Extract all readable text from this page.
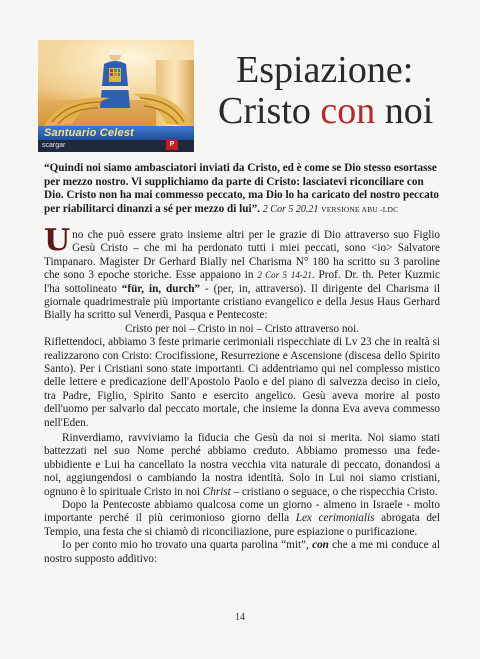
Santuario Celest
scargar	P
Espiazione:
Cristo con noi
“Quindi noi siamo ambasciatori inviati da Cristo, ed è come se Dio stesso esortasse per mezzo nostro. Vi supplichiamo da parte di Cristo: lasciatevi riconciliare con Dio. Cristo non ha mai commesso peccato, ma Dio lo ha caricato del nostro peccato per riabilitarci dinanzi a sé per mezzo di lui”. 2 Cor 5 20.21 VERSIONE ABU -LDC
U no che può essere grato insieme altri per le grazie di Dio attraverso suo Figlio Gesù Cristo – che mi ha perdonato tutti i miei peccati, sono <io> Salvatore Timpanaro. Magister Dr Gerhard Bially nel Charisma N° 180 ha scritto su 3 paroline che sono 3 epoche storiche. Esse appaiono in 2 Cor 5 14-21. Prof. Dr. th. Peter Kuzmic l'ha sottolineato “für, in, durch” - (per, in, attraverso). Il dirigente del Charisma il giornale quadrimestrale più importante cristiano evangelico e della Jesus Haus Gerhard Bially ha scritto sul Venerdì, Pasqua e Pentecoste:
Cristo per noi – Cristo in noi – Cristo attraverso noi.
Riflettendoci, abbiamo 3 feste primarie cerimoniali rispecchiate di Lv 23 che in realtà si realizzarono con Cristo: Crocifissione, Resurrezione e Ascensione (discesa dello Spirito Santo). Per i Cristiani sono state importanti. Ci addentriamo qui nel complesso mistico delle lettere e predicazione dell'Apostolo Paolo e del piano di salvezza deciso in cielo, tra Padre, Figlio, Spirito Santo e esercito angelico. Gesù aveva morire al posto dell'uomo per salvarlo dal peccato mortale, che insieme la donna Eva aveva commesso nell'Eden.

Rinverdiamo, ravviviamo la fiducia che Gesù da noi si merita. Noi siamo stati battezzati nel suo Nome perché abbiamo creduto. Abbiamo promesso una fede-ubbidiente e Lui ha cancellato la nostra vecchia vita naturale di peccato, donandosi a noi, aggiungendosi o cambiando la nostra identità. Solo in Lui noi siamo cristiani, ognuno è lo spirituale Cristo in noi Christ – cristiano o seguace, o che rispecchia Cristo.

Dopo la Pentecoste abbiamo qualcosa come un giorno - almeno in Israele - molto importante perché il più cerimonioso giorno della Lex cerimonialis abrogata del Tempio, una festa che si chiamò di riconciliazione, pure espiazione o purificazione.

Io per conto mio ho trovato una quarta parolina “mit”, con che a me mi conduce al nostro supposto additivo:

14
